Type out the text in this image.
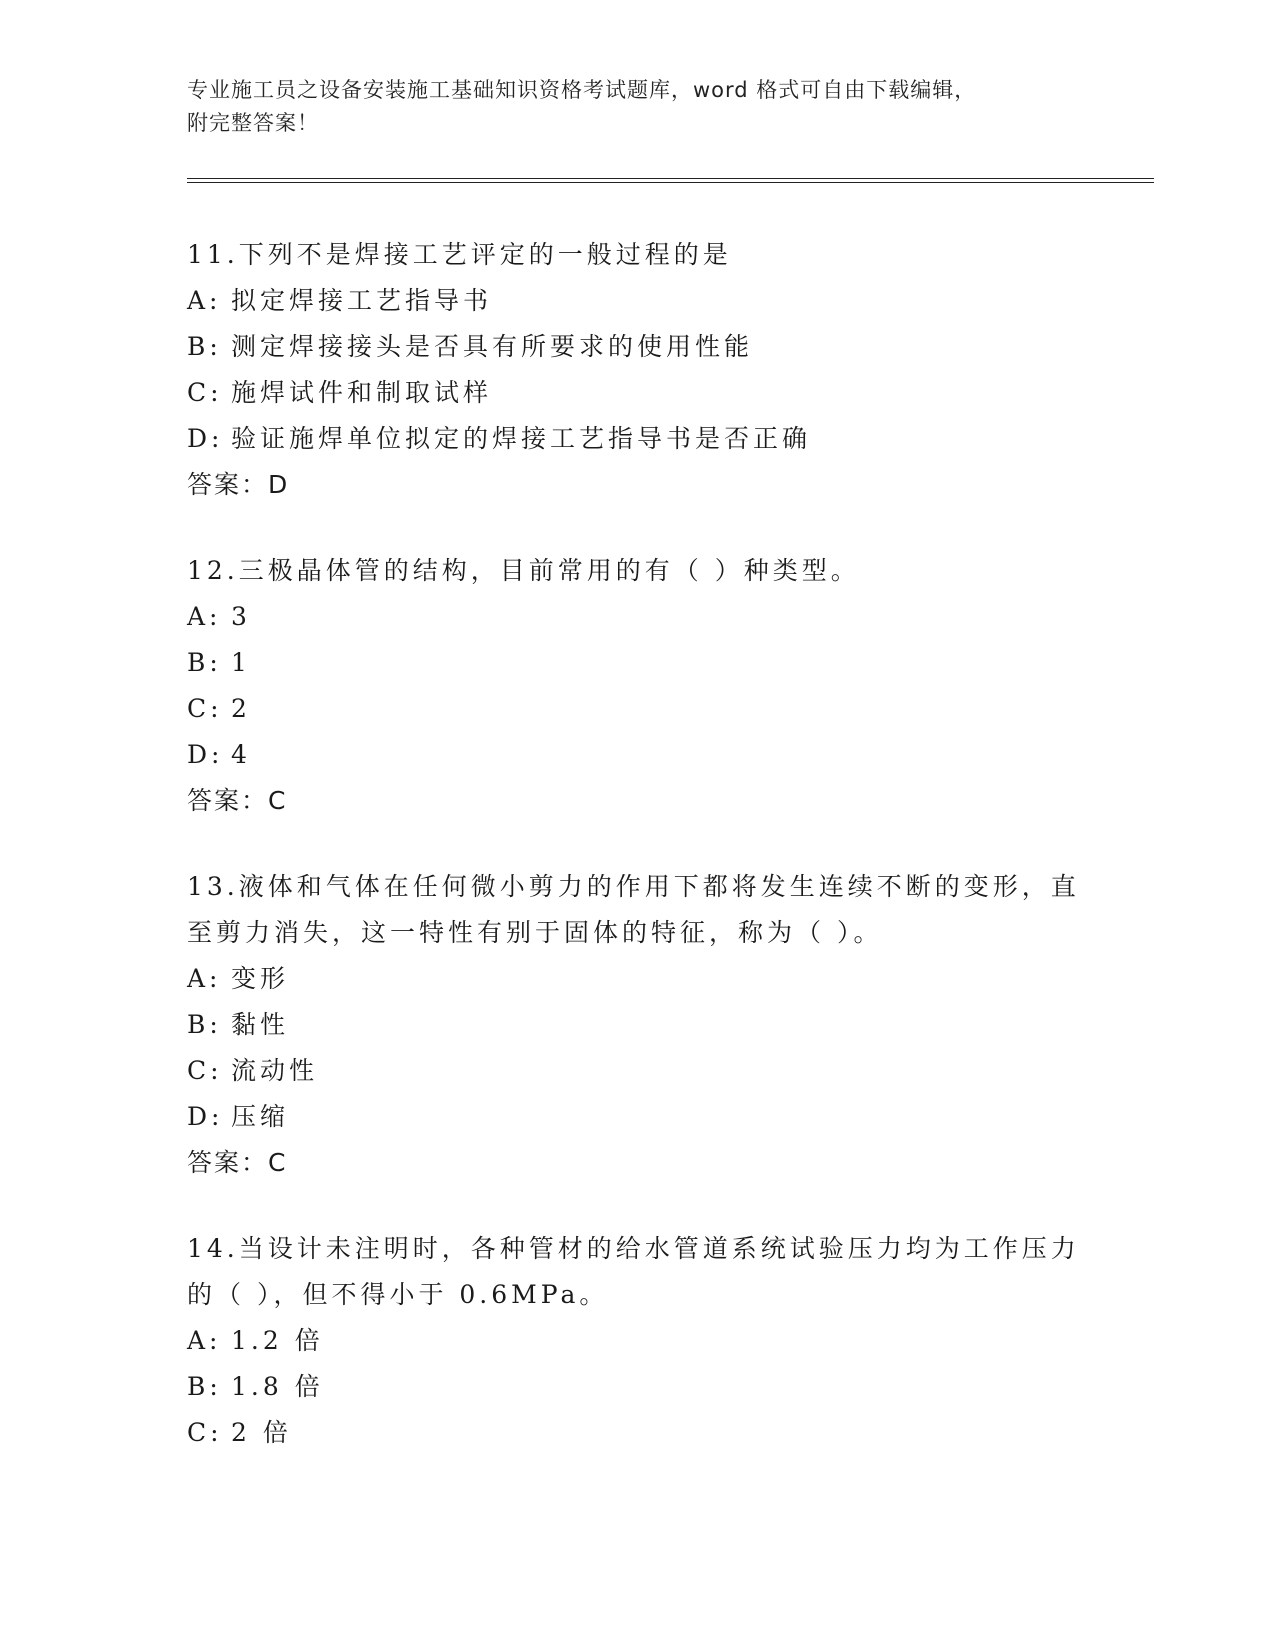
专业施工员之设备安装施工基础知识资格考试题库，word 格式可自由下载编辑，
附完整答案！
11.下列不是焊接工艺评定的一般过程的是
A: 拟定焊接工艺指导书
B: 测定焊接接头是否具有所要求的使用性能
C: 施焊试件和制取试样
D: 验证施焊单位拟定的焊接工艺指导书是否正确
答案：D
12.三极晶体管的结构，目前常用的有（ ）种类型。
A: 3
B: 1
C: 2
D: 4
答案：C
13.液体和气体在任何微小剪力的作用下都将发生连续不断的变形，直至剪力消失，这一特性有别于固体的特征，称为（ ）。
A: 变形
B: 黏性
C: 流动性
D: 压缩
答案：C
14.当设计未注明时，各种管材的给水管道系统试验压力均为工作压力的（ ），但不得小于 0.6MPa。
A: 1.2 倍
B: 1.8 倍
C: 2 倍
